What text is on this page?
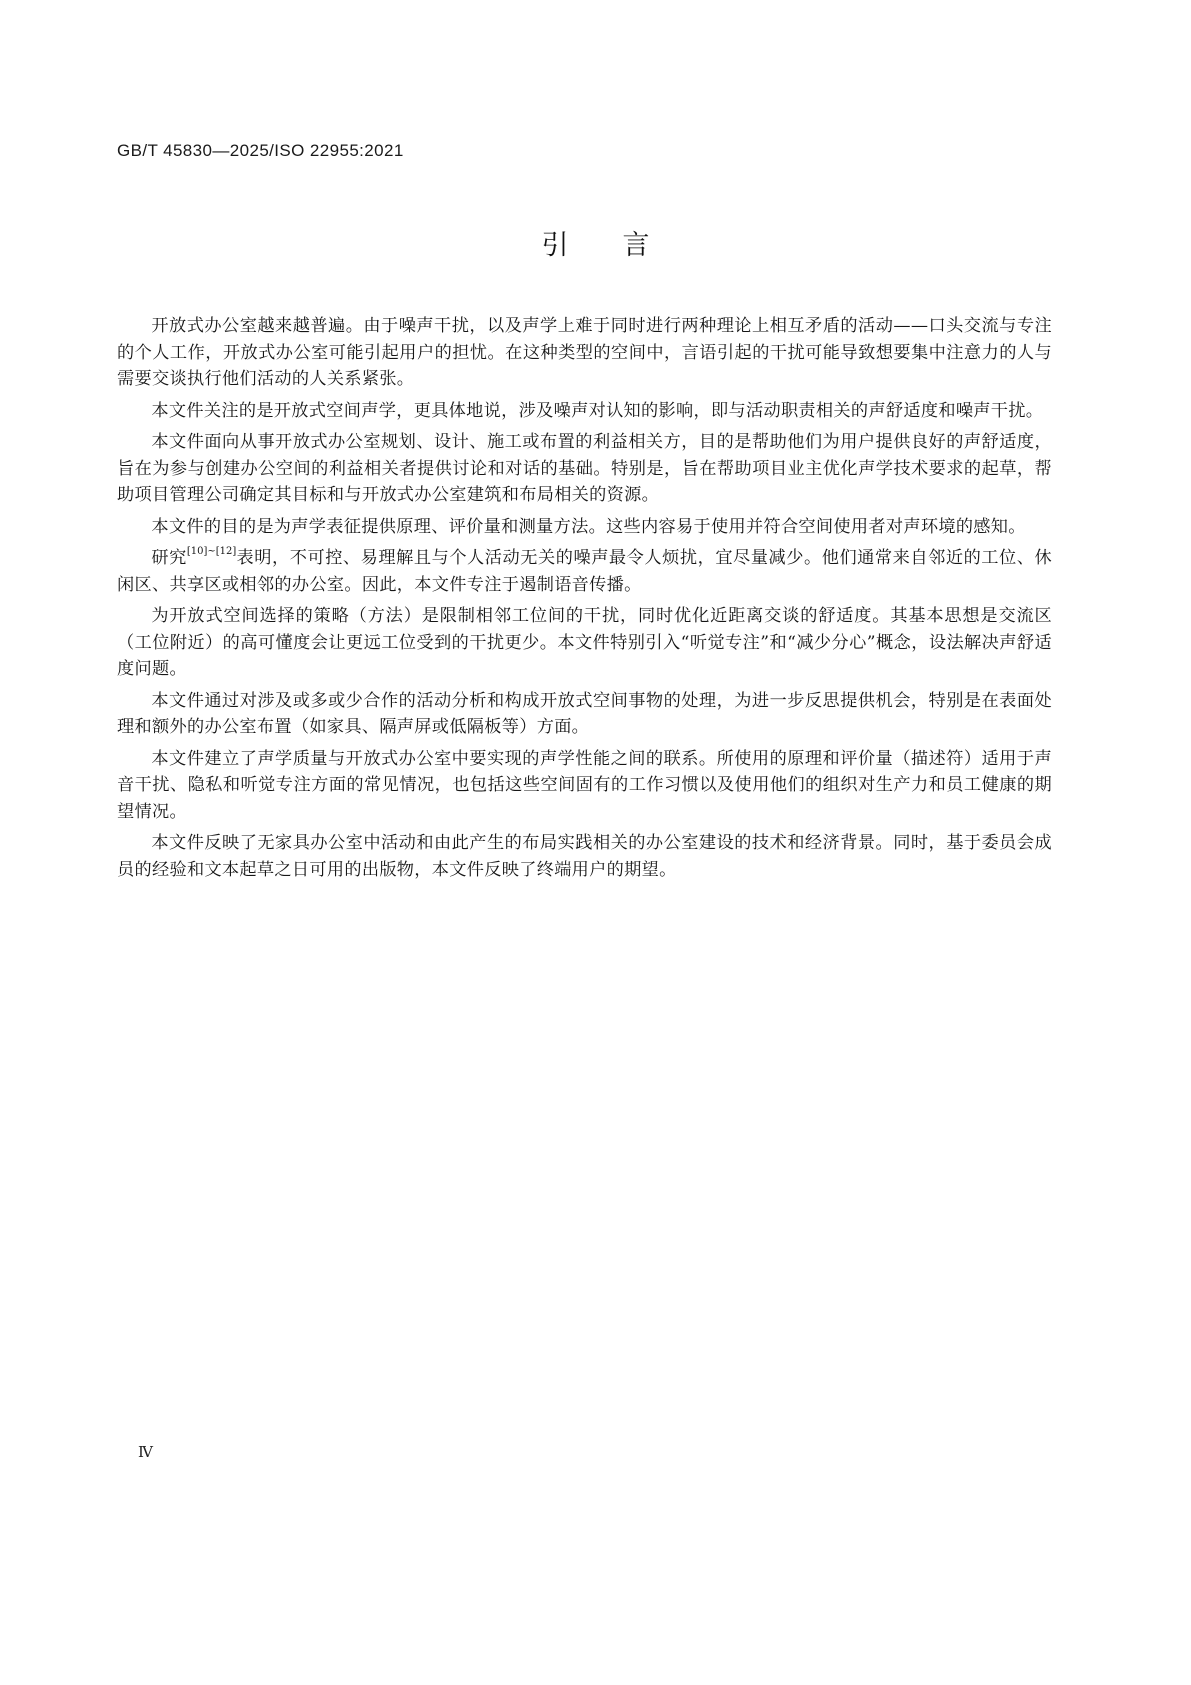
GB/T 45830—2025/ISO 22955:2021
引言

开放式办公室越来越普遍。由于噪声干扰，以及声学上难于同时进行两种理论上相互矛盾的活动——口头交流与专注的个人工作，开放式办公室可能引起用户的担忧。在这种类型的空间中，言语引起的干扰可能导致想要集中注意力的人与需要交谈执行他们活动的人关系紧张。

本文件关注的是开放式空间声学，更具体地说，涉及噪声对认知的影响，即与活动职责相关的声舒适度和噪声干扰。

本文件面向从事开放式办公室规划、设计、施工或布置的利益相关方，目的是帮助他们为用户提供良好的声舒适度，旨在为参与创建办公空间的利益相关者提供讨论和对话的基础。特别是，旨在帮助项目业主优化声学技术要求的起草，帮助项目管理公司确定其目标和与开放式办公室建筑和布局相关的资源。

本文件的目的是为声学表征提供原理、评价量和测量方法。这些内容易于使用并符合空间使用者对声环境的感知。

研究[10]~[12]表明，不可控、易理解且与个人活动无关的噪声最令人烦扰，宜尽量减少。他们通常来自邻近的工位、休闲区、共享区或相邻的办公室。因此，本文件专注于遏制语音传播。

为开放式空间选择的策略（方法）是限制相邻工位间的干扰，同时优化近距离交谈的舒适度。其基本思想是交流区（工位附近）的高可懂度会让更远工位受到的干扰更少。本文件特别引入“听觉专注”和“减少分心”概念，设法解决声舒适度问题。

本文件通过对涉及或多或少合作的活动分析和构成开放式空间事物的处理，为进一步反思提供机会，特别是在表面处理和额外的办公室布置（如家具、隔声屏或低隔板等）方面。

本文件建立了声学质量与开放式办公室中要实现的声学性能之间的联系。所使用的原理和评价量（描述符）适用于声音干扰、隐私和听觉专注方面的常见情况，也包括这些空间固有的工作习惯以及使用他们的组织对生产力和员工健康的期望情况。

本文件反映了无家具办公室中活动和由此产生的布局实践相关的办公室建设的技术和经济背景。同时，基于委员会成员的经验和文本起草之日可用的出版物，本文件反映了终端用户的期望。

Ⅳ
